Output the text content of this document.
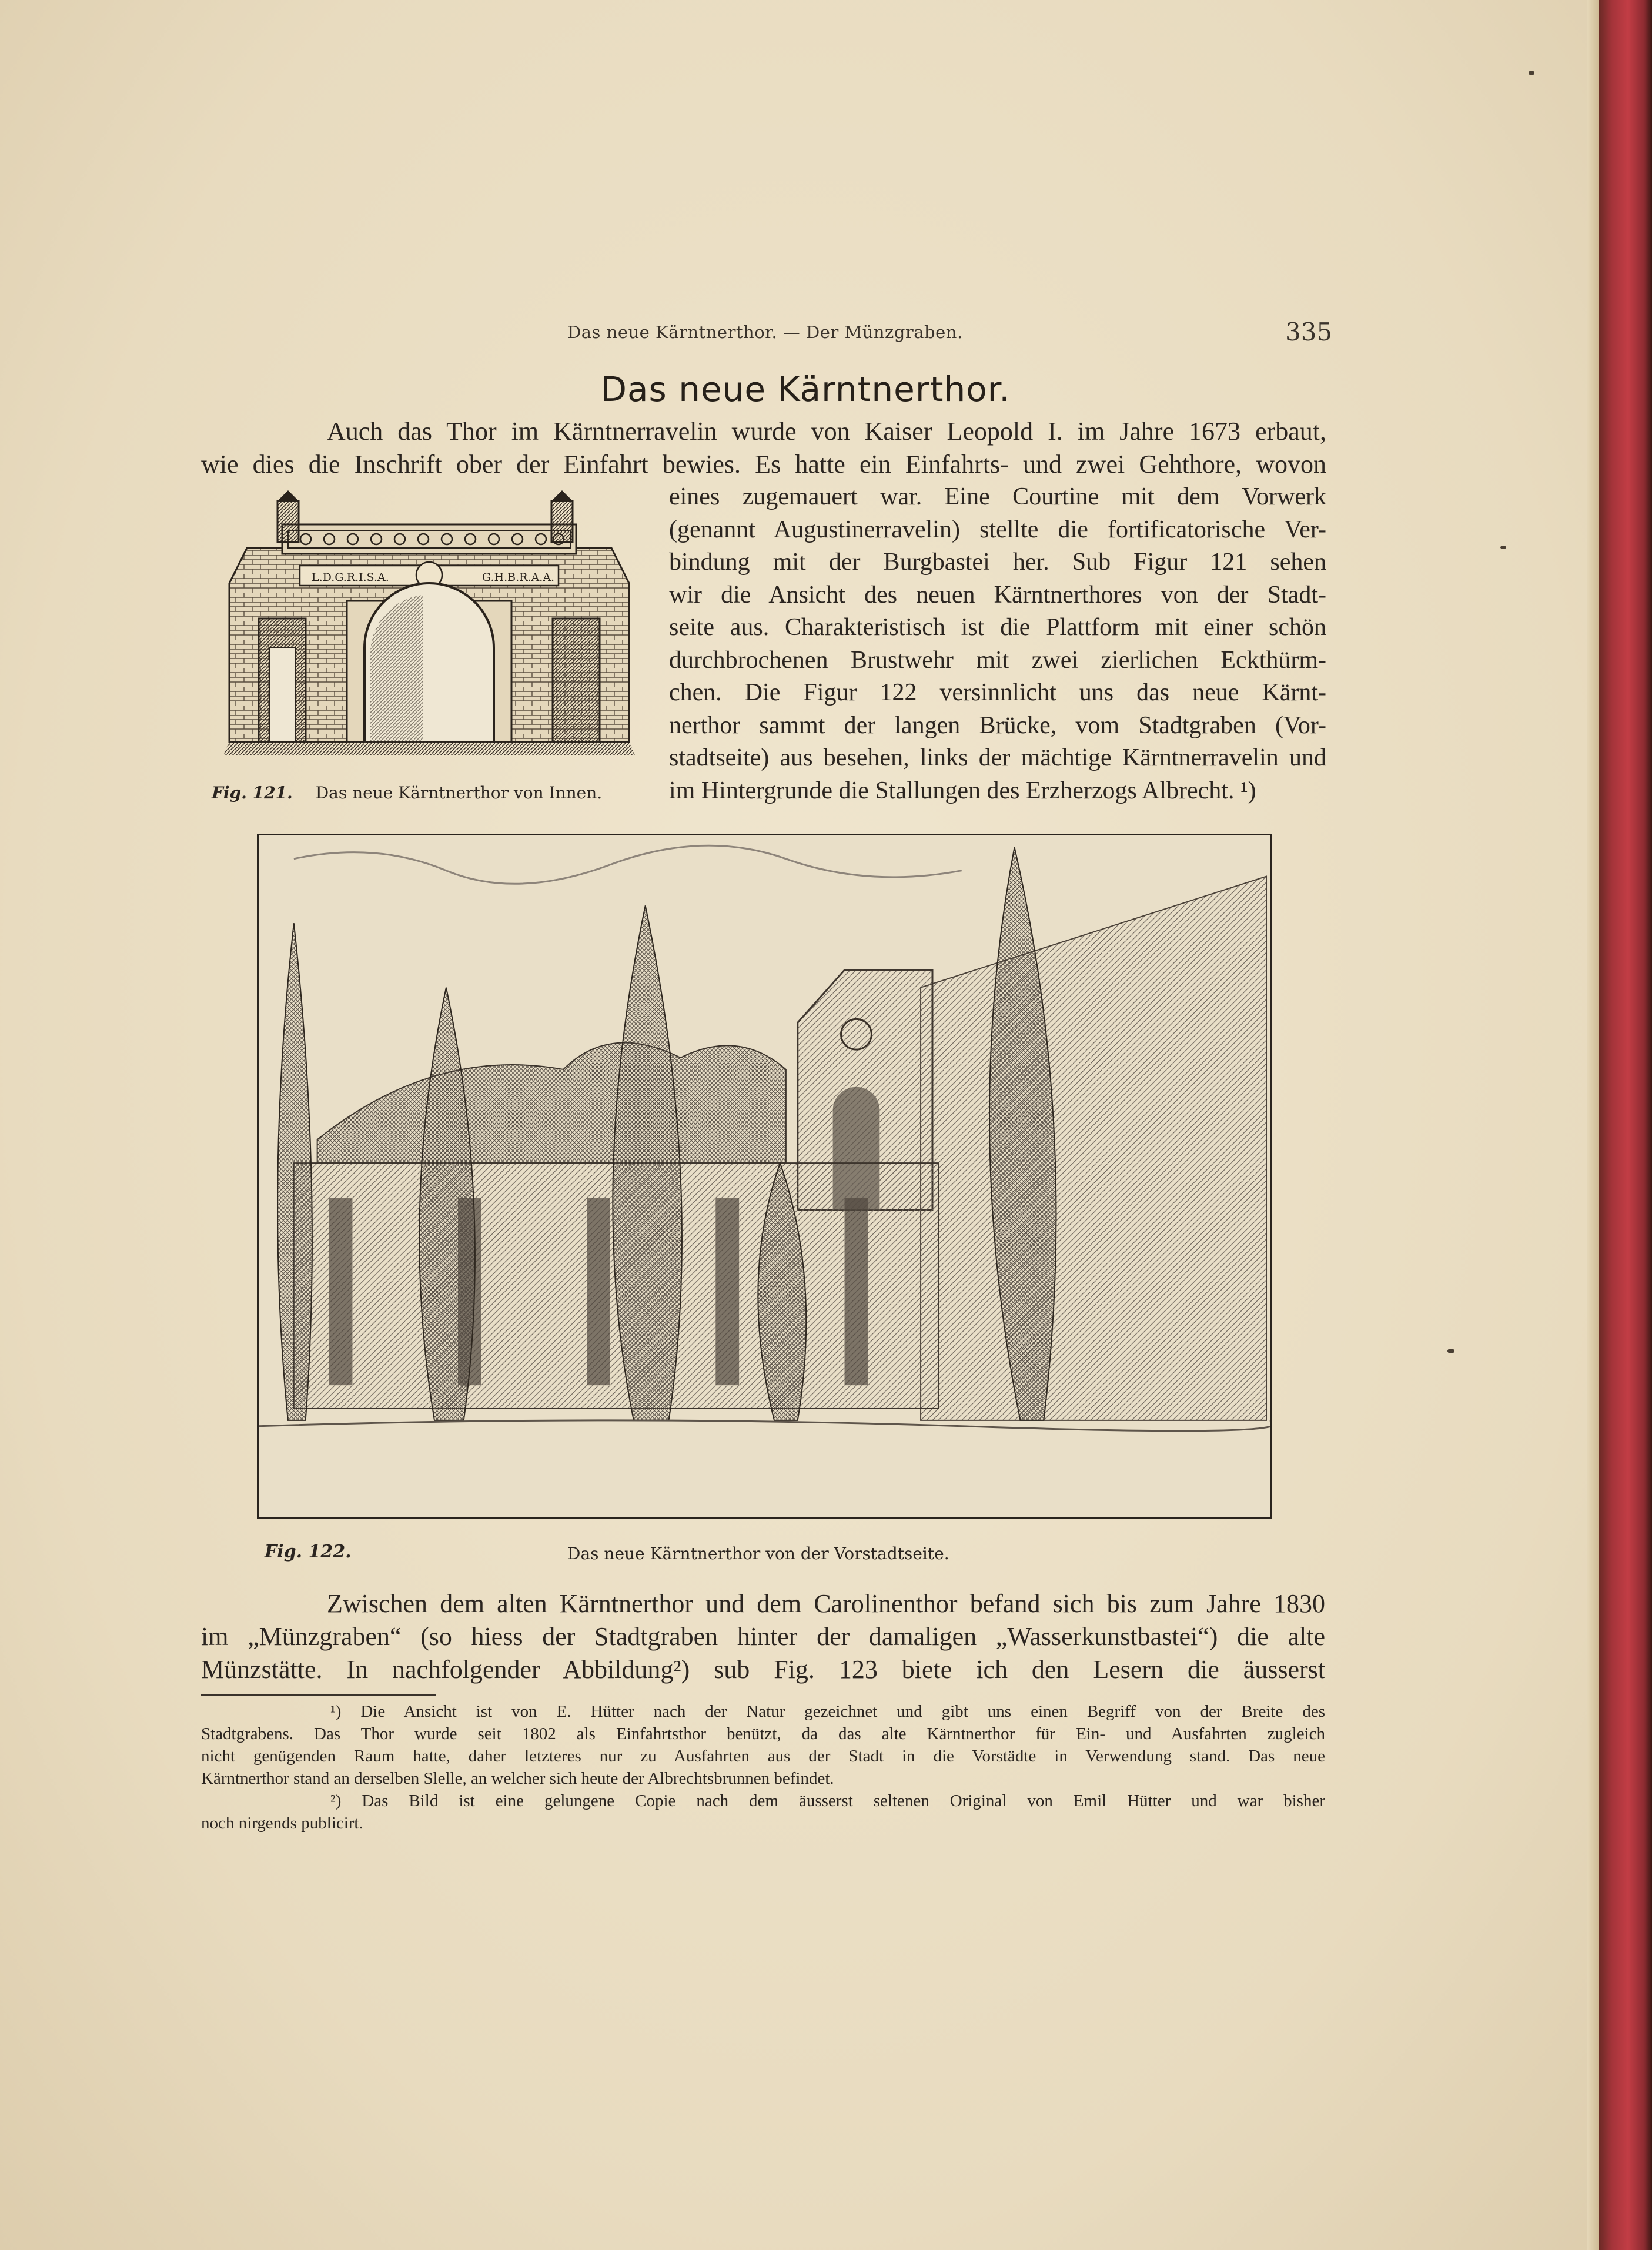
Das neue Kärntnerthor. — Der Münzgraben.	335
Das neue Kärntnerthor.
Auch das Thor im Kärntnerravelin wurde von Kaiser Leopold I. im Jahre 1673 erbaut,
wie dies die Inschrift ober der Einfahrt bewies. Es hatte ein Einfahrts- und zwei Gehthore, wovon
eines zugemauert war. Eine Courtine mit dem Vorwerk
(genannt Augustinerravelin) stellte die fortificatorische Ver-
bindung mit der Burgbastei her. Sub Figur 121 sehen
wir die Ansicht des neuen Kärntnerthores von der Stadt-
seite aus. Charakteristisch ist die Plattform mit einer schön
durchbrochenen Brustwehr mit zwei zierlichen Eckthürm-
chen. Die Figur 122 versinnlicht uns das neue Kärnt-
nerthor sammt der langen Brücke, vom Stadtgraben (Vor-
stadtseite) aus besehen, links der mächtige Kärntnerravelin und
im Hintergrunde die Stallungen des Erzherzogs Albrecht. ¹)
L.D.G.R.I.S.A.	G.H.B.R.A.A.
Fig. 121. Das neue Kärntnerthor von Innen.
Fig. 122.	Das neue Kärntnerthor von der Vorstadtseite.
Zwischen dem alten Kärntnerthor und dem Carolinenthor befand sich bis zum Jahre 1830
im „Münzgraben“ (so hiess der Stadtgraben hinter der damaligen „Wasserkunstbastei“) die alte
Münzstätte. In nachfolgender Abbildung²) sub Fig. 123 biete ich den Lesern die äusserst
¹) Die Ansicht ist von E. Hütter nach der Natur gezeichnet und gibt uns einen Begriff von der Breite des
Stadtgrabens. Das Thor wurde seit 1802 als Einfahrtsthor benützt, da das alte Kärntnerthor für Ein- und Ausfahrten zugleich
nicht genügenden Raum hatte, daher letzteres nur zu Ausfahrten aus der Stadt in die Vorstädte in Verwendung stand. Das neue
Kärntnerthor stand an derselben Slelle, an welcher sich heute der Albrechtsbrunnen befindet.
²) Das Bild ist eine gelungene Copie nach dem äusserst seltenen Original von Emil Hütter und war bisher
noch nirgends publicirt.
